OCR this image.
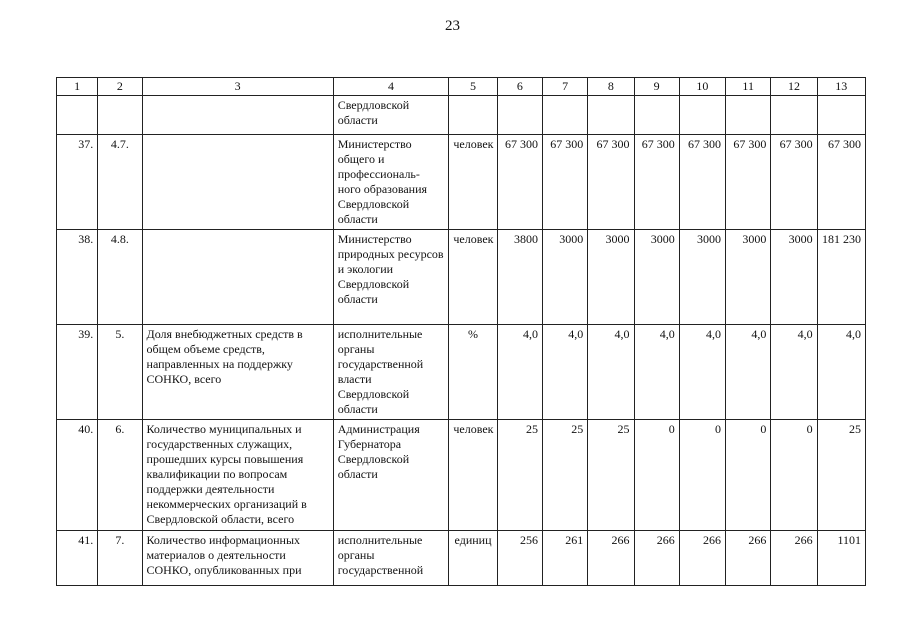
23
1	2	3	4	5	6	7	8	9	10	11	12	13
			Свердловской области									
37.	4.7.		Министерство общего и профессиональ- ного образования Свердловской области	человек	67 300	67 300	67 300	67 300	67 300	67 300	67 300	67 300
38.	4.8.		Министерство природных ресурсов и экологии Свердловской области	человек	3800	3000	3000	3000	3000	3000	3000	181 230
39.	5.	Доля внебюджетных средств в общем объеме средств, направленных на поддержку СОНКО, всего	исполнительные органы государственной власти Свердловской области	%	4,0	4,0	4,0	4,0	4,0	4,0	4,0	4,0
40.	6.	Количество муниципальных и государственных служащих, прошедших курсы повышения квалификации по вопросам поддержки деятельности некоммерческих организаций в Свердловской области, всего	Администрация Губернатора Свердловской области	человек	25	25	25	0	0	0	0	25
41.	7.	Количество информационных материалов о деятельности СОНКО, опубликованных при	исполнительные органы государственной	единиц	256	261	266	266	266	266	266	1101
